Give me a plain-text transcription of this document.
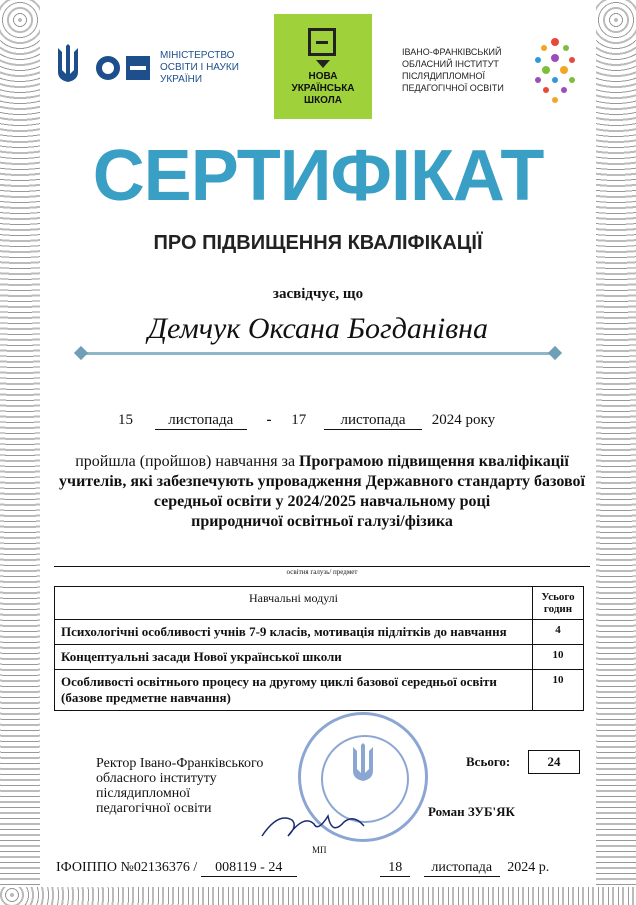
МІНІСТЕРСТВО
ОСВІТИ І НАУКИ
УКРАЇНИ	НОВА
УКРАЇНСЬКА
ШКОЛА
ІВАНО-ФРАНКІВСЬКИЙ
ОБЛАСНИЙ ІНСТИТУТ
ПІСЛЯДИПЛОМНОЇ
ПЕДАГОГІЧНОЇ ОСВІТИ
СЕРТИФІКАТ
ПРО ПІДВИЩЕННЯ КВАЛІФІКАЦІЇ
засвідчує, що
Демчук Оксана Богданівна
15 листопада - 17 листопада 2024 року
пройшла (пройшов) навчання за Програмою підвищення кваліфікації учителів, які забезпечують упровадження Державного стандарту базової середньої освіти у 2024/2025 навчальному році
природничої освітньої галузі/фізика
освітня галузь/ предмет
Навчальні модулі	Усього годин
Психологічні особливості учнів 7-9 класів, мотивація підлітків до навчання	4
Концептуальні засади Нової української школи	10
Особливості освітнього процесу на другому циклі базової середньої освіти (базове предметне навчання)	10
Всього:	24
Ректор Івано-Франківського
обласного інституту
післядипломної
педагогічної освіти	Роман ЗУБ'ЯК
МП
ІФОІППО №02136376 / 008119 - 24	18 листопада 2024 р.
